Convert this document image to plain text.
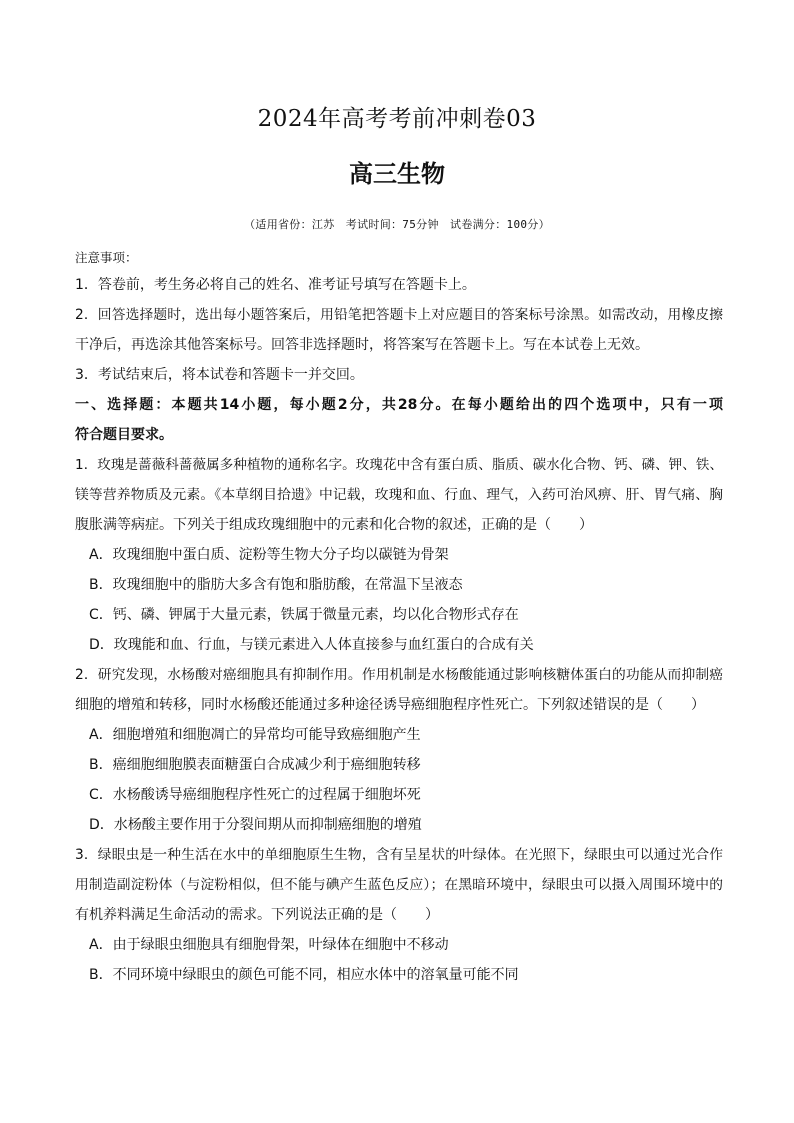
2024年高考考前冲刺卷03
高三生物
（适用省份：江苏　考试时间：75分钟　试卷满分：100分）
注意事项：
1．答卷前，考生务必将自己的姓名、准考证号填写在答题卡上。
2．回答选择题时，选出每小题答案后，用铅笔把答题卡上对应题目的答案标号涂黑。如需改动，用橡皮擦
干净后，再选涂其他答案标号。回答非选择题时，将答案写在答题卡上。写在本试卷上无效。
3．考试结束后，将本试卷和答题卡一并交回。
一、选择题：本题共14小题，每小题2分，共28分。在每小题给出的四个选项中，只有一项
符合题目要求。
1．玫瑰是蔷薇科蔷薇属多种植物的通称名字。玫瑰花中含有蛋白质、脂质、碳水化合物、钙、磷、钾、铁、
镁等营养物质及元素。《本草纲目拾遗》中记载，玫瑰和血、行血、理气，入药可治风痹、肝、胃气痛、胸
腹胀满等病症。下列关于组成玫瑰细胞中的元素和化合物的叙述，正确的是（　　）
A．玫瑰细胞中蛋白质、淀粉等生物大分子均以碳链为骨架
B．玫瑰细胞中的脂肪大多含有饱和脂肪酸，在常温下呈液态
C．钙、磷、钾属于大量元素，铁属于微量元素，均以化合物形式存在
D．玫瑰能和血、行血，与镁元素进入人体直接参与血红蛋白的合成有关
2．研究发现，水杨酸对癌细胞具有抑制作用。作用机制是水杨酸能通过影响核糖体蛋白的功能从而抑制癌
细胞的增殖和转移，同时水杨酸还能通过多种途径诱导癌细胞程序性死亡。下列叙述错误的是（　　）
A．细胞增殖和细胞凋亡的异常均可能导致癌细胞产生
B．癌细胞细胞膜表面糖蛋白合成减少利于癌细胞转移
C．水杨酸诱导癌细胞程序性死亡的过程属于细胞坏死
D．水杨酸主要作用于分裂间期从而抑制癌细胞的增殖
3．绿眼虫是一种生活在水中的单细胞原生生物，含有呈星状的叶绿体。在光照下，绿眼虫可以通过光合作
用制造副淀粉体（与淀粉相似，但不能与碘产生蓝色反应）；在黑暗环境中，绿眼虫可以摄入周围环境中的
有机养料满足生命活动的需求。下列说法正确的是（　　）
A．由于绿眼虫细胞具有细胞骨架，叶绿体在细胞中不移动
B．不同环境中绿眼虫的颜色可能不同，相应水体中的溶氧量可能不同
